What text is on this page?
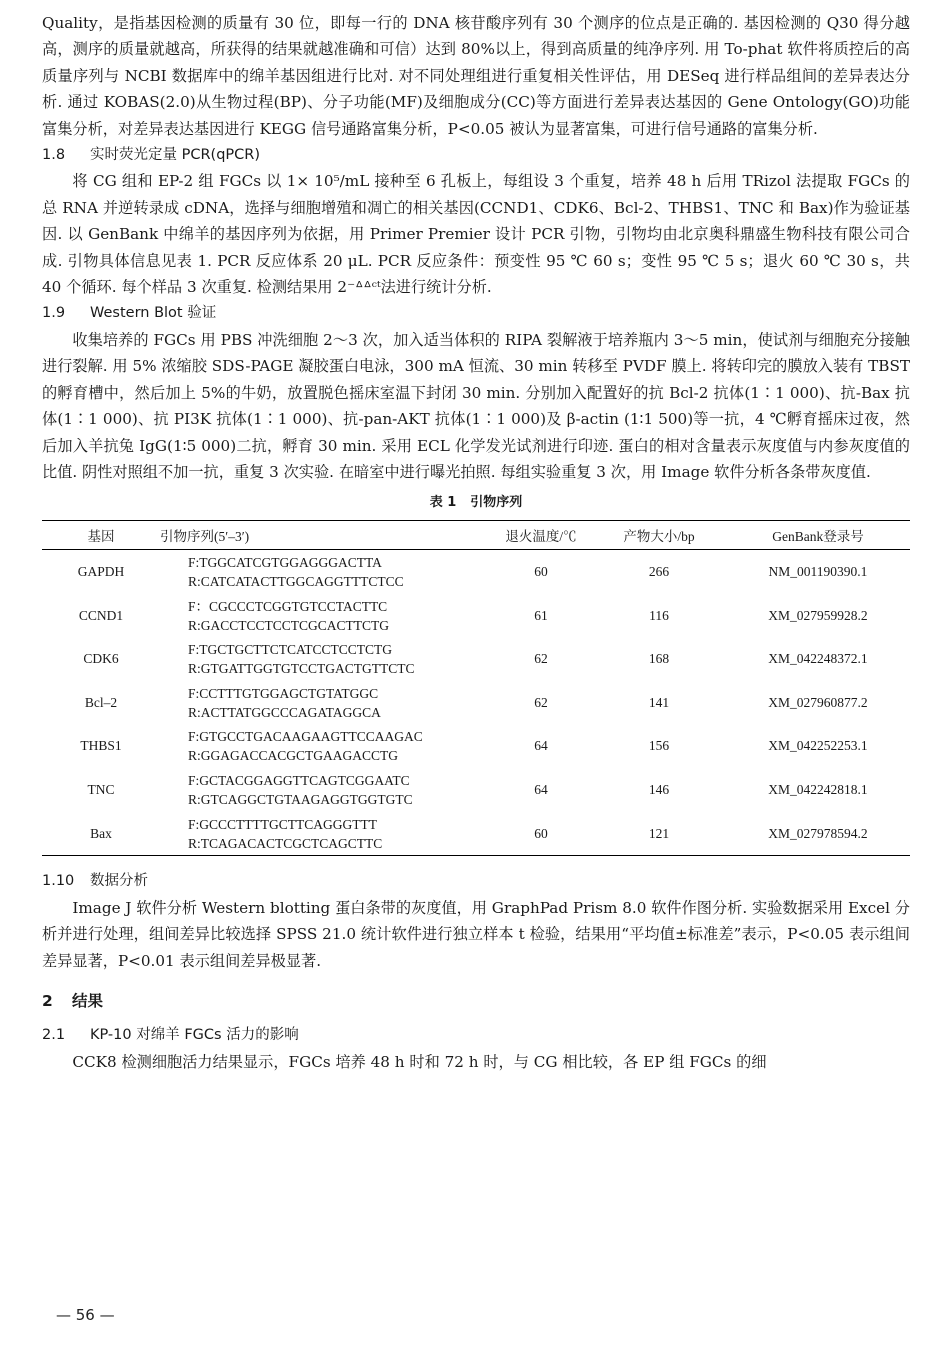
Quality，是指基因检测的质量有 30 位，即每一行的 DNA 核苷酸序列有 30 个测序的位点是正确的. 基因检测的 Q30 得分越高，测序的质量就越高，所获得的结果就越准确和可信）达到 80%以上，得到高质量的纯净序列. 用 To-phat 软件将质控后的高质量序列与 NCBI 数据库中的绵羊基因组进行比对. 对不同处理组进行重复相关性评估，用 DESeq 进行样品组间的差异表达分析. 通过 KOBAS(2.0)从生物过程(BP)、分子功能(MF)及细胞成分(CC)等方面进行差异表达基因的 Gene Ontology(GO)功能富集分析，对差异表达基因进行 KEGG 信号通路富集分析，P<0.05 被认为显著富集，可进行信号通路的富集分析.

1.8 实时荧光定量 PCR(qPCR)

将 CG 组和 EP-2 组 FGCs 以 1× 10⁵/mL 接种至 6 孔板上，每组设 3 个重复，培养 48 h 后用 TRizol 法提取 FGCs 的总 RNA 并逆转录成 cDNA，选择与细胞增殖和凋亡的相关基因(CCND1、CDK6、Bcl-2、THBS1、TNC 和 Bax)作为验证基因. 以 GenBank 中绵羊的基因序列为依据，用 Primer Premier 设计 PCR 引物，引物均由北京奥科鼎盛生物科技有限公司合成. 引物具体信息见表 1. PCR 反应体系 20 μL. PCR 反应条件：预变性 95 ℃ 60 s；变性 95 ℃ 5 s；退火 60 ℃ 30 s，共 40 个循环. 每个样品 3 次重复. 检测结果用 2⁻ᐞᐞᶜᵗ法进行统计分析.

1.9 Western Blot 验证

收集培养的 FGCs 用 PBS 冲洗细胞 2～3 次，加入适当体积的 RIPA 裂解液于培养瓶内 3～5 min，使试剂与细胞充分接触进行裂解. 用 5% 浓缩胶 SDS-PAGE 凝胶蛋白电泳，300 mA 恒流、30 min 转移至 PVDF 膜上. 将转印完的膜放入装有 TBST 的孵育槽中，然后加上 5%的牛奶，放置脱色摇床室温下封闭 30 min. 分别加入配置好的抗 Bcl-2 抗体(1∶1 000)、抗-Bax 抗体(1∶1 000)、抗 PI3K 抗体(1∶1 000)、抗-pan-AKT 抗体(1∶1 000)及 β-actin (1∶1 500)等一抗，4 ℃孵育摇床过夜，然后加入羊抗兔 IgG(1∶5 000)二抗，孵育 30 min. 采用 ECL 化学发光试剂进行印迹. 蛋白的相对含量表示灰度值与内参灰度值的比值. 阴性对照组不加一抗，重复 3 次实验. 在暗室中进行曝光拍照. 每组实验重复 3 次，用 Image 软件分析各条带灰度值.

表 1 引物序列
基因	引物序列(5′–3′)	退火温度/℃	产物大小/bp	GenBank登录号
GAPDH	F:TGGCATCGTGGAGGGACTTA
R:CATCATACTTGGCAGGTTTCTCC	60	266	NM_001190390.1
CCND1	F：CGCCCTCGGTGTCCTACTTC
R:GACCTCCTCCTCGCACTTCTG	61	116	XM_027959928.2
CDK6	F:TGCTGCTTCTCATCCTCCTCTG
R:GTGATTGGTGTCCTGACTGTTCTC	62	168	XM_042248372.1
Bcl–2	F:CCTTTGTGGAGCTGTATGGC
R:ACTTATGGCCCAGATAGGCA	62	141	XM_027960877.2
THBS1	F:GTGCCTGACAAGAAGTTCCAAGAC
R:GGAGACCACGCTGAAGACCTG	64	156	XM_042252253.1
TNC	F:GCTACGGAGGTTCAGTCGGAATC
R:GTCAGGCTGTAAGAGGTGGTGTC	64	146	XM_042242818.1
Bax	F:GCCCTTTTGCTTCAGGGTTT
R:TCAGACACTCGCTCAGCTTC	60	121	XM_027978594.2
1.10 数据分析

Image J 软件分析 Western blotting 蛋白条带的灰度值，用 GraphPad Prism 8.0 软件作图分析. 实验数据采用 Excel 分析并进行处理，组间差异比较选择 SPSS 21.0 统计软件进行独立样本 t 检验，结果用“平均值±标准差”表示，P<0.05 表示组间差异显著，P<0.01 表示组间差异极显著.

2 结果
2.1 KP-10 对绵羊 FGCs 活力的影响

CCK8 检测细胞活力结果显示，FGCs 培养 48 h 时和 72 h 时，与 CG 相比较，各 EP 组 FGCs 的细

— 56 —
